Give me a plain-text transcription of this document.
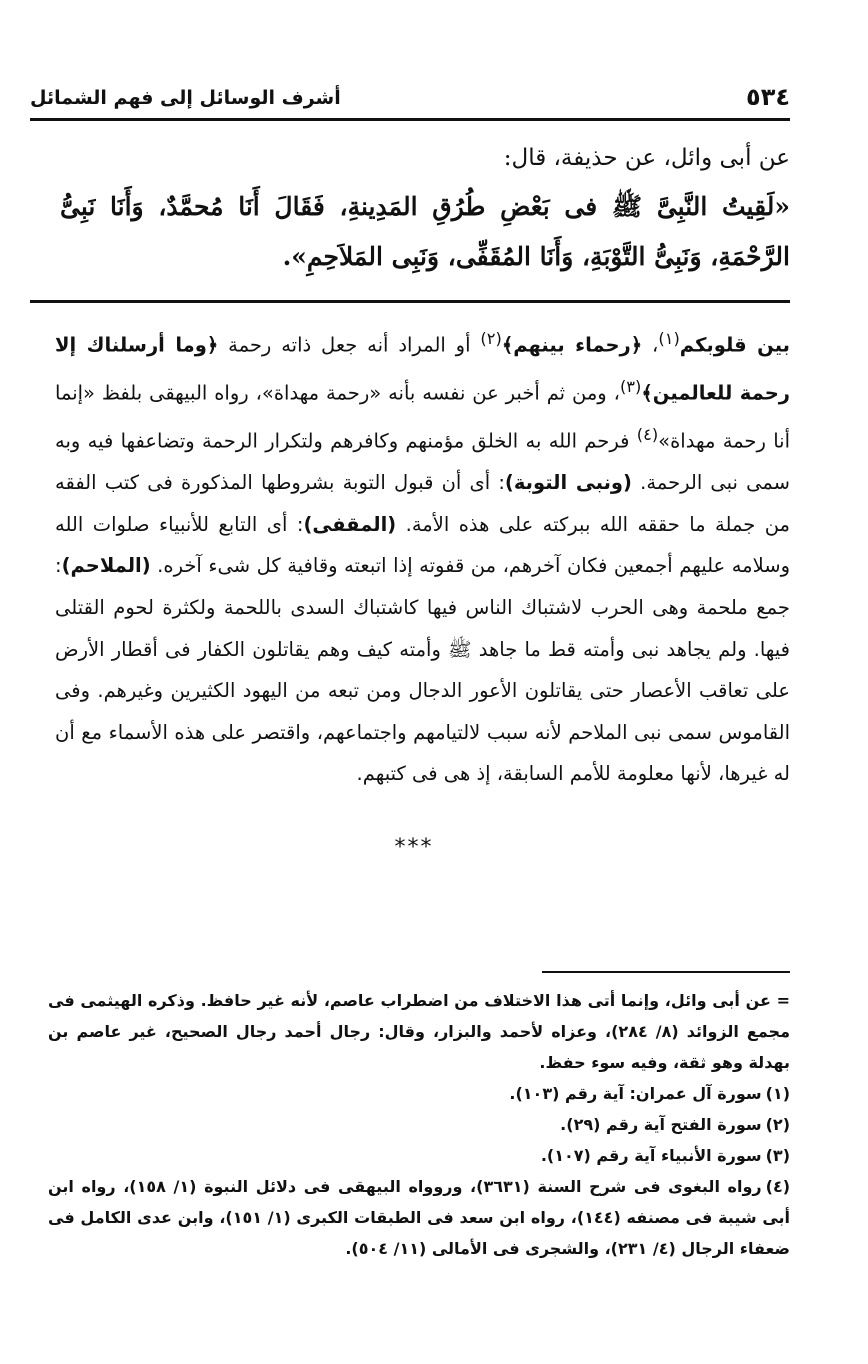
٥٣٤
أشرف الوسائل إلى فهم الشمائل
عن أبى وائل، عن حذيفة، قال:
«لَقِيتُ النَّبِىَّ ﷺ فى بَعْضِ طُرُقِ المَدِينةِ، فَقَالَ أَنَا مُحمَّدٌ، وَأَنَا نَبِىُّ الرَّحْمَةِ، وَنَبِىُّ التَّوْبَةِ، وَأَنَا المُقَفِّى، وَنَبِى المَلاَحِمِ».
بين قلوبكم$^{(١)}$، ﴿رحماء بينهم﴾$^{(٢)}$ أو المراد أنه جعل ذاته رحمة ﴿وما أرسلناك إلا رحمة للعالمين﴾$^{(٣)}$، ومن ثم أخبر عن نفسه بأنه «رحمة مهداة»، رواه البيهقى بلفظ «إنما أنا رحمة مهداة»$^{(٤)}$ فرحم الله به الخلق مؤمنهم وكافرهم ولتكرار الرحمة وتضاعفها فيه وبه سمى نبى الرحمة. (ونبى التوبة): أى أن قبول التوبة بشروطها المذكورة فى كتب الفقه من جملة ما حققه الله ببركته على هذه الأمة. (المقفى): أى التابع للأنبياء صلوات الله وسلامه عليهم أجمعين فكان آخرهم، من قفوته إذا اتبعته وقافية كل شىء آخره. (الملاحم): جمع ملحمة وهى الحرب لاشتباك الناس فيها كاشتباك السدى باللحمة ولكثرة لحوم القتلى فيها. ولم يجاهد نبى وأمته قط ما جاهد ﷺ وأمته كيف وهم يقاتلون الكفار فى أقطار الأرض على تعاقب الأعصار حتى يقاتلون الأعور الدجال ومن تبعه من اليهود الكثيرين وغيرهم. وفى القاموس سمى نبى الملاحم لأنه سبب لالتيامهم واجتماعهم، واقتصر على هذه الأسماء مع أن له غيرها، لأنها معلومة للأمم السابقة، إذ هى فى كتبهم.
***

= عن أبى وائل، وإنما أتى هذا الاختلاف من اضطراب عاصم، لأنه غير حافظ. وذكره الهيثمى فى مجمع الزوائد (٨/ ٢٨٤)، وعزاه لأحمد والبزار، وقال: رجال أحمد رجال الصحيح، غير عاصم بن بهدلة وهو ثقة، وفيه سوء حفظ.

(١)سورة آل عمران: آية رقم (١٠٣).

(٢)سورة الفتح آية رقم (٢٩).

(٣)سورة الأنبياء آية رقم (١٠٧).

(٤)رواه البغوى فى شرح السنة (٣٦٣١)، وروواه البيهقى فى دلائل النبوة (١/ ١٥٨)، رواه ابن أبى شيبة فى مصنفه (١٤٤)، رواه ابن سعد فى الطبقات الكبرى (١/ ١٥١)، وابن عدى الكامل فى ضعفاء الرجال (٤/ ٢٣١)، والشجرى فى الأمالى (١١/ ٥٠٤).
